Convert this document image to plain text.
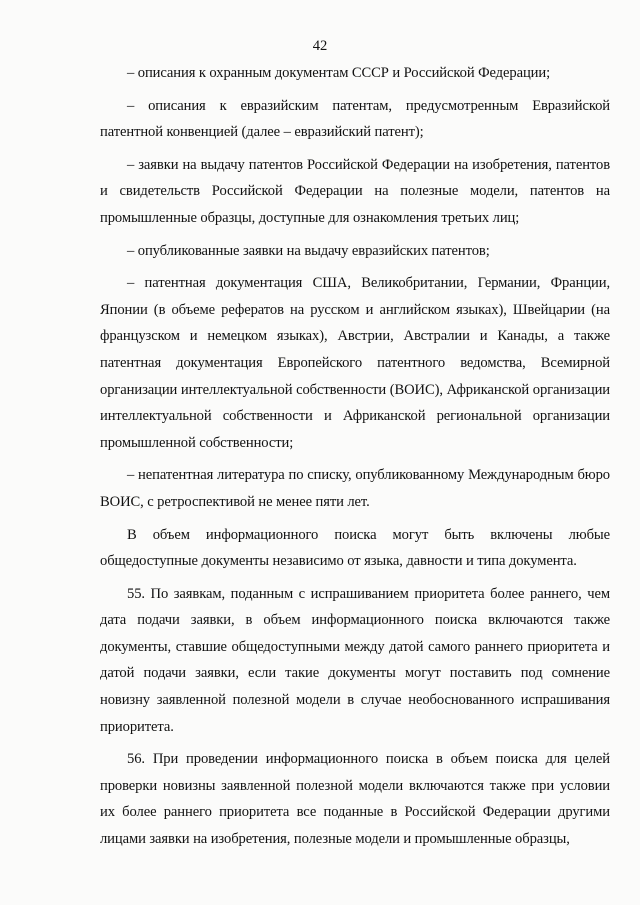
42

– описания к охранным документам СССР и Российской Федерации;

– описания к евразийским патентам, предусмотренным Евразийской патентной конвенцией (далее – евразийский патент);

– заявки на выдачу патентов Российской Федерации на изобретения, патентов и свидетельств Российской Федерации на полезные модели, патентов на промышленные образцы, доступные для ознакомления третьих лиц;

– опубликованные заявки на выдачу евразийских патентов;

– патентная документация США, Великобритании, Германии, Франции, Японии (в объеме рефератов на русском и английском языках), Швейцарии (на французском и немецком языках), Австрии, Австралии и Канады, а также патентная документация Европейского патентного ведомства, Всемирной организации интеллектуальной собственности (ВОИС), Африканской организации интеллектуальной собственности и Африканской региональной организации промышленной собственности;

– непатентная литература по списку, опубликованному Международным бюро ВОИС, с ретроспективой не менее пяти лет.

В объем информационного поиска могут быть включены любые общедоступные документы независимо от языка, давности и типа документа.

55. По заявкам, поданным с испрашиванием приоритета более раннего, чем дата подачи заявки, в объем информационного поиска включаются также документы, ставшие общедоступными между датой самого раннего приоритета и датой подачи заявки, если такие документы могут поставить под сомнение новизну заявленной полезной модели в случае необоснованного испрашивания приоритета.

56. При проведении информационного поиска в объем поиска для целей проверки новизны заявленной полезной модели включаются также при условии их более раннего приоритета все поданные в Российской Федерации другими лицами заявки на изобретения, полезные модели и промышленные образцы,
